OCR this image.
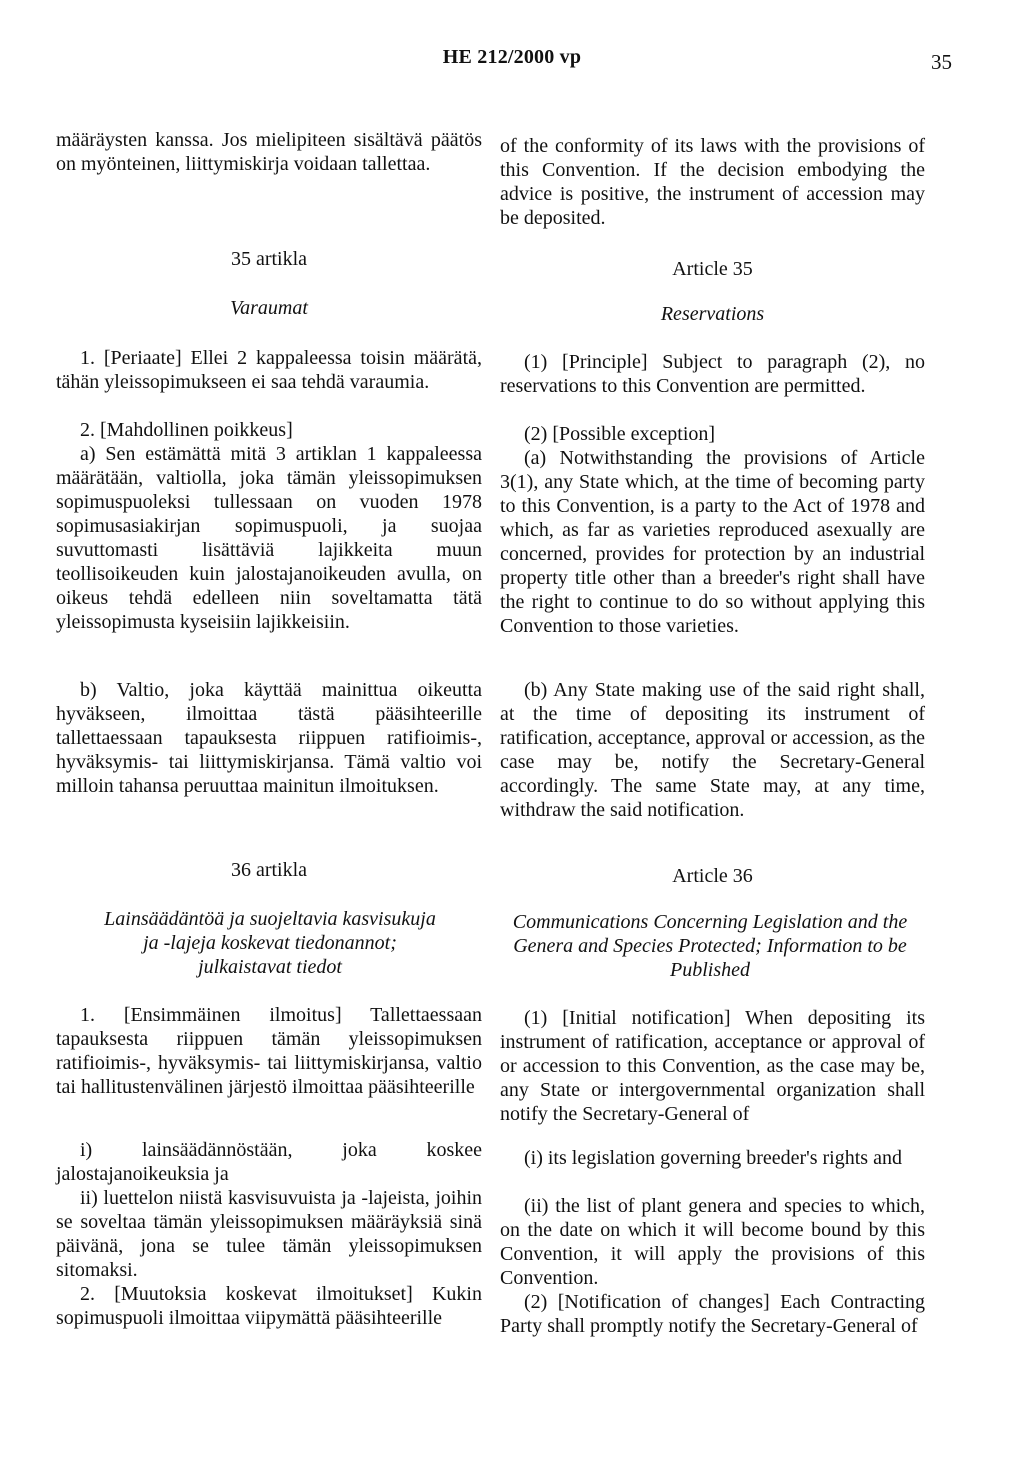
HE 212/2000 vp	35

määräysten kanssa. Jos mielipiteen sisältävä päätös on myönteinen, liittymiskirja voidaan tallettaa.

35 artikla

Varaumat

1. [Periaate] Ellei 2 kappaleessa toisin määrätä, tähän yleissopimukseen ei saa tehdä varaumia.

2. [Mahdollinen poikkeus]

a) Sen estämättä mitä 3 artiklan 1 kappaleessa määrätään, valtiolla, joka tämän yleissopimuksen sopimuspuoleksi tullessaan on vuoden 1978 sopimusasiakirjan sopimuspuoli, ja suojaa suvuttomasti lisättäviä lajikkeita muun teollisoikeuden kuin jalostajanoikeuden avulla, on oikeus tehdä edelleen niin soveltamatta tätä yleissopimusta kyseisiin lajikkeisiin.

b) Valtio, joka käyttää mainittua oikeutta hyväkseen, ilmoittaa tästä pääsihteerille tallettaessaan tapauksesta riippuen ratifioimis-, hyväksymis- tai liittymiskirjansa. Tämä valtio voi milloin tahansa peruuttaa mainitun ilmoituksen.

36 artikla

Lainsäädäntöä ja suojeltavia kasvisukuja ja -lajeja koskevat tiedonannot; julkaistavat tiedot

1. [Ensimmäinen ilmoitus] Tallettaessaan tapauksesta riippuen tämän yleissopimuksen ratifioimis-, hyväksymis- tai liittymiskirjansa, valtio tai hallitustenvälinen järjestö ilmoittaa pääsihteerille

i) lainsäädännöstään, joka koskee jalostajanoikeuksia ja

ii) luettelon niistä kasvisuvuista ja -lajeista, joihin se soveltaa tämän yleissopimuksen määräyksiä sinä päivänä, jona se tulee tämän yleissopimuksen sitomaksi.

2. [Muutoksia koskevat ilmoitukset] Kukin sopimuspuoli ilmoittaa viipymättä pääsihteerille

of the conformity of its laws with the provisions of this Convention. If the decision embodying the advice is positive, the instrument of accession may be deposited.

Article 35

Reservations

(1) [Principle] Subject to paragraph (2), no reservations to this Convention are permitted.

(2) [Possible exception]

(a) Notwithstanding the provisions of Article 3(1), any State which, at the time of becoming party to this Convention, is a party to the Act of 1978 and which, as far as varieties reproduced asexually are concerned, provides for protection by an industrial property title other than a breeder's right shall have the right to continue to do so without applying this Convention to those varieties.

(b) Any State making use of the said right shall, at the time of depositing its instrument of ratification, acceptance, approval or accession, as the case may be, notify the Secretary-General accordingly. The same State may, at any time, withdraw the said notification.

Article 36

Communications Concerning Legislation and the Genera and Species Protected; Information to be Published

(1) [Initial notification] When depositing its instrument of ratification, acceptance or approval of or accession to this Convention, as the case may be, any State or intergovernmental organization shall notify the Secretary-General of

(i) its legislation governing breeder's rights and

(ii) the list of plant genera and species to which, on the date on which it will become bound by this Convention, it will apply the provisions of this Convention.

(2) [Notification of changes] Each Contracting Party shall promptly notify the Secretary-General of
